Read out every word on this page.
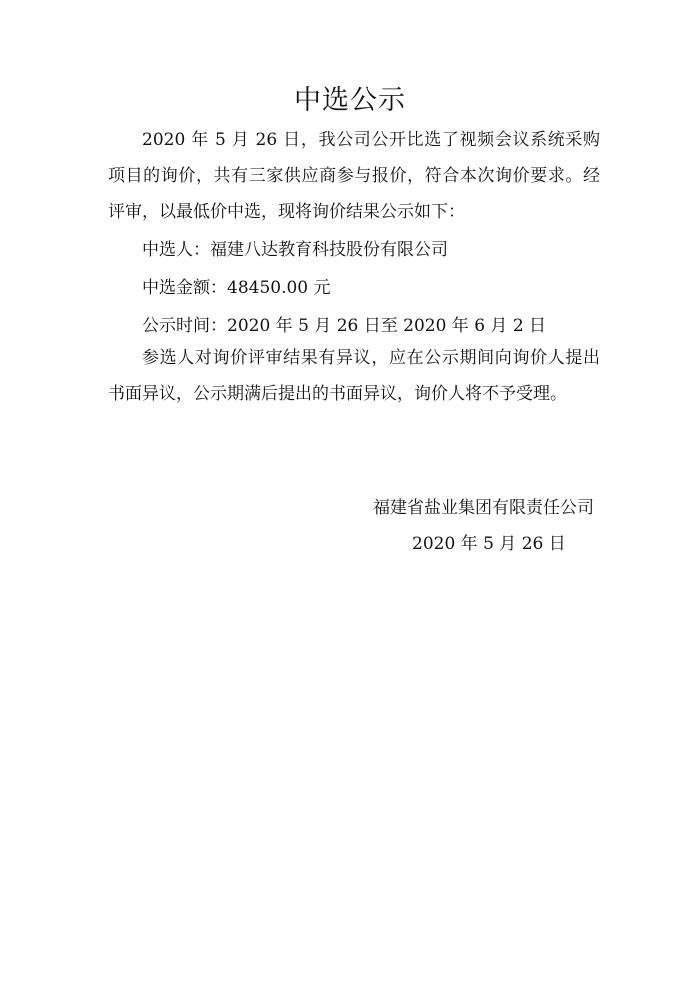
中选公示

2020 年 5 月 26 日，我公司公开比选了视频会议系统采购项目的询价，共有三家供应商参与报价，符合本次询价要求。经评审，以最低价中选，现将询价结果公示如下：

中选人：福建八达教育科技股份有限公司
中选金额：48450.00 元
公示时间：2020 年 5 月 26 日至 2020 年 6 月 2 日

参选人对询价评审结果有异议，应在公示期间向询价人提出书面异议，公示期满后提出的书面异议，询价人将不予受理。

福建省盐业集团有限责任公司
2020 年 5 月 26 日
